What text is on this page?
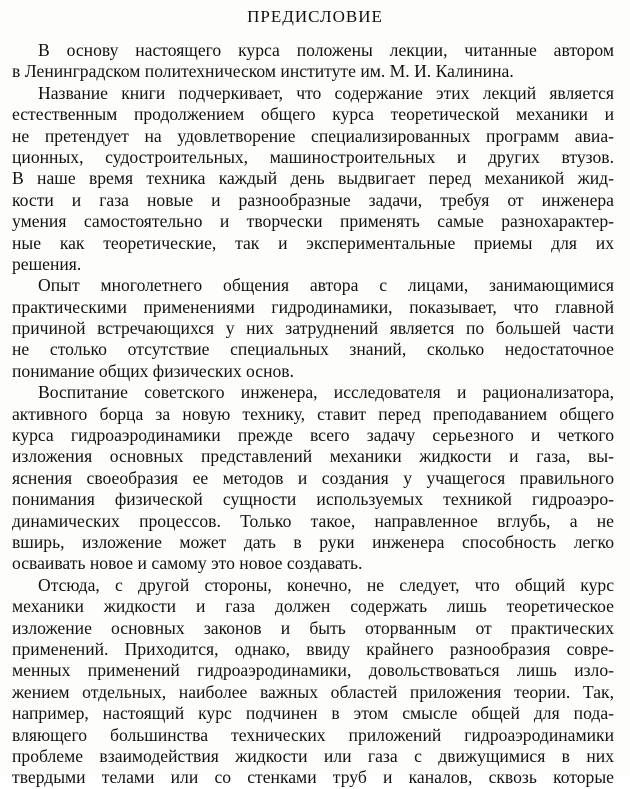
ПРЕДИСЛОВИЕ
В основу настоящего курса положены лекции, читанные автором
в Ленинградском политехническом институте им. М. И. Калинина.
Название книги подчеркивает, что содержание этих лекций является
естественным продолжением общего курса теоретической механики и
не претендует на удовлетворение специализированных программ авиа-
ционных, судостроительных, машиностроительных и других втузов.
В наше время техника каждый день выдвигает перед механикой жид-
кости и газа новые и разнообразные задачи, требуя от инженера
умения самостоятельно и творчески применять самые разнохарактер-
ные как теоретические, так и экспериментальные приемы для их
решения.
Опыт многолетнего общения автора с лицами, занимающимися
практическими применениями гидродинамики, показывает, что главной
причиной встречающихся у них затруднений является по большей части
не столько отсутствие специальных знаний, сколько недостаточное
понимание общих физических основ.
Воспитание советского инженера, исследователя и рационализатора,
активного борца за новую технику, ставит перед преподаванием общего
курса гидроаэродинамики прежде всего задачу серьезного и четкого
изложения основных представлений механики жидкости и газа, вы-
яснения своеобразия ее методов и создания у учащегося правильного
понимания физической сущности используемых техникой гидроаэро-
динамических процессов. Только такое, направленное вглубь, а не
вширь, изложение может дать в руки инженера способность легко
осваивать новое и самому это новое создавать.
Отсюда, с другой стороны, конечно, не следует, что общий курс
механики жидкости и газа должен содержать лишь теоретическое
изложение основных законов и быть оторванным от практических
применений. Приходится, однако, ввиду крайнего разнообразия совре-
менных применений гидроаэродинамики, довольствоваться лишь изло-
жением отдельных, наиболее важных областей приложения теории. Так,
например, настоящий курс подчинен в этом смысле общей для пода-
вляющего большинства технических приложений гидроаэродинамики
проблеме взаимодействия жидкости или газа с движущимися в них
твердыми телами или со стенками труб и каналов, сквозь которые
